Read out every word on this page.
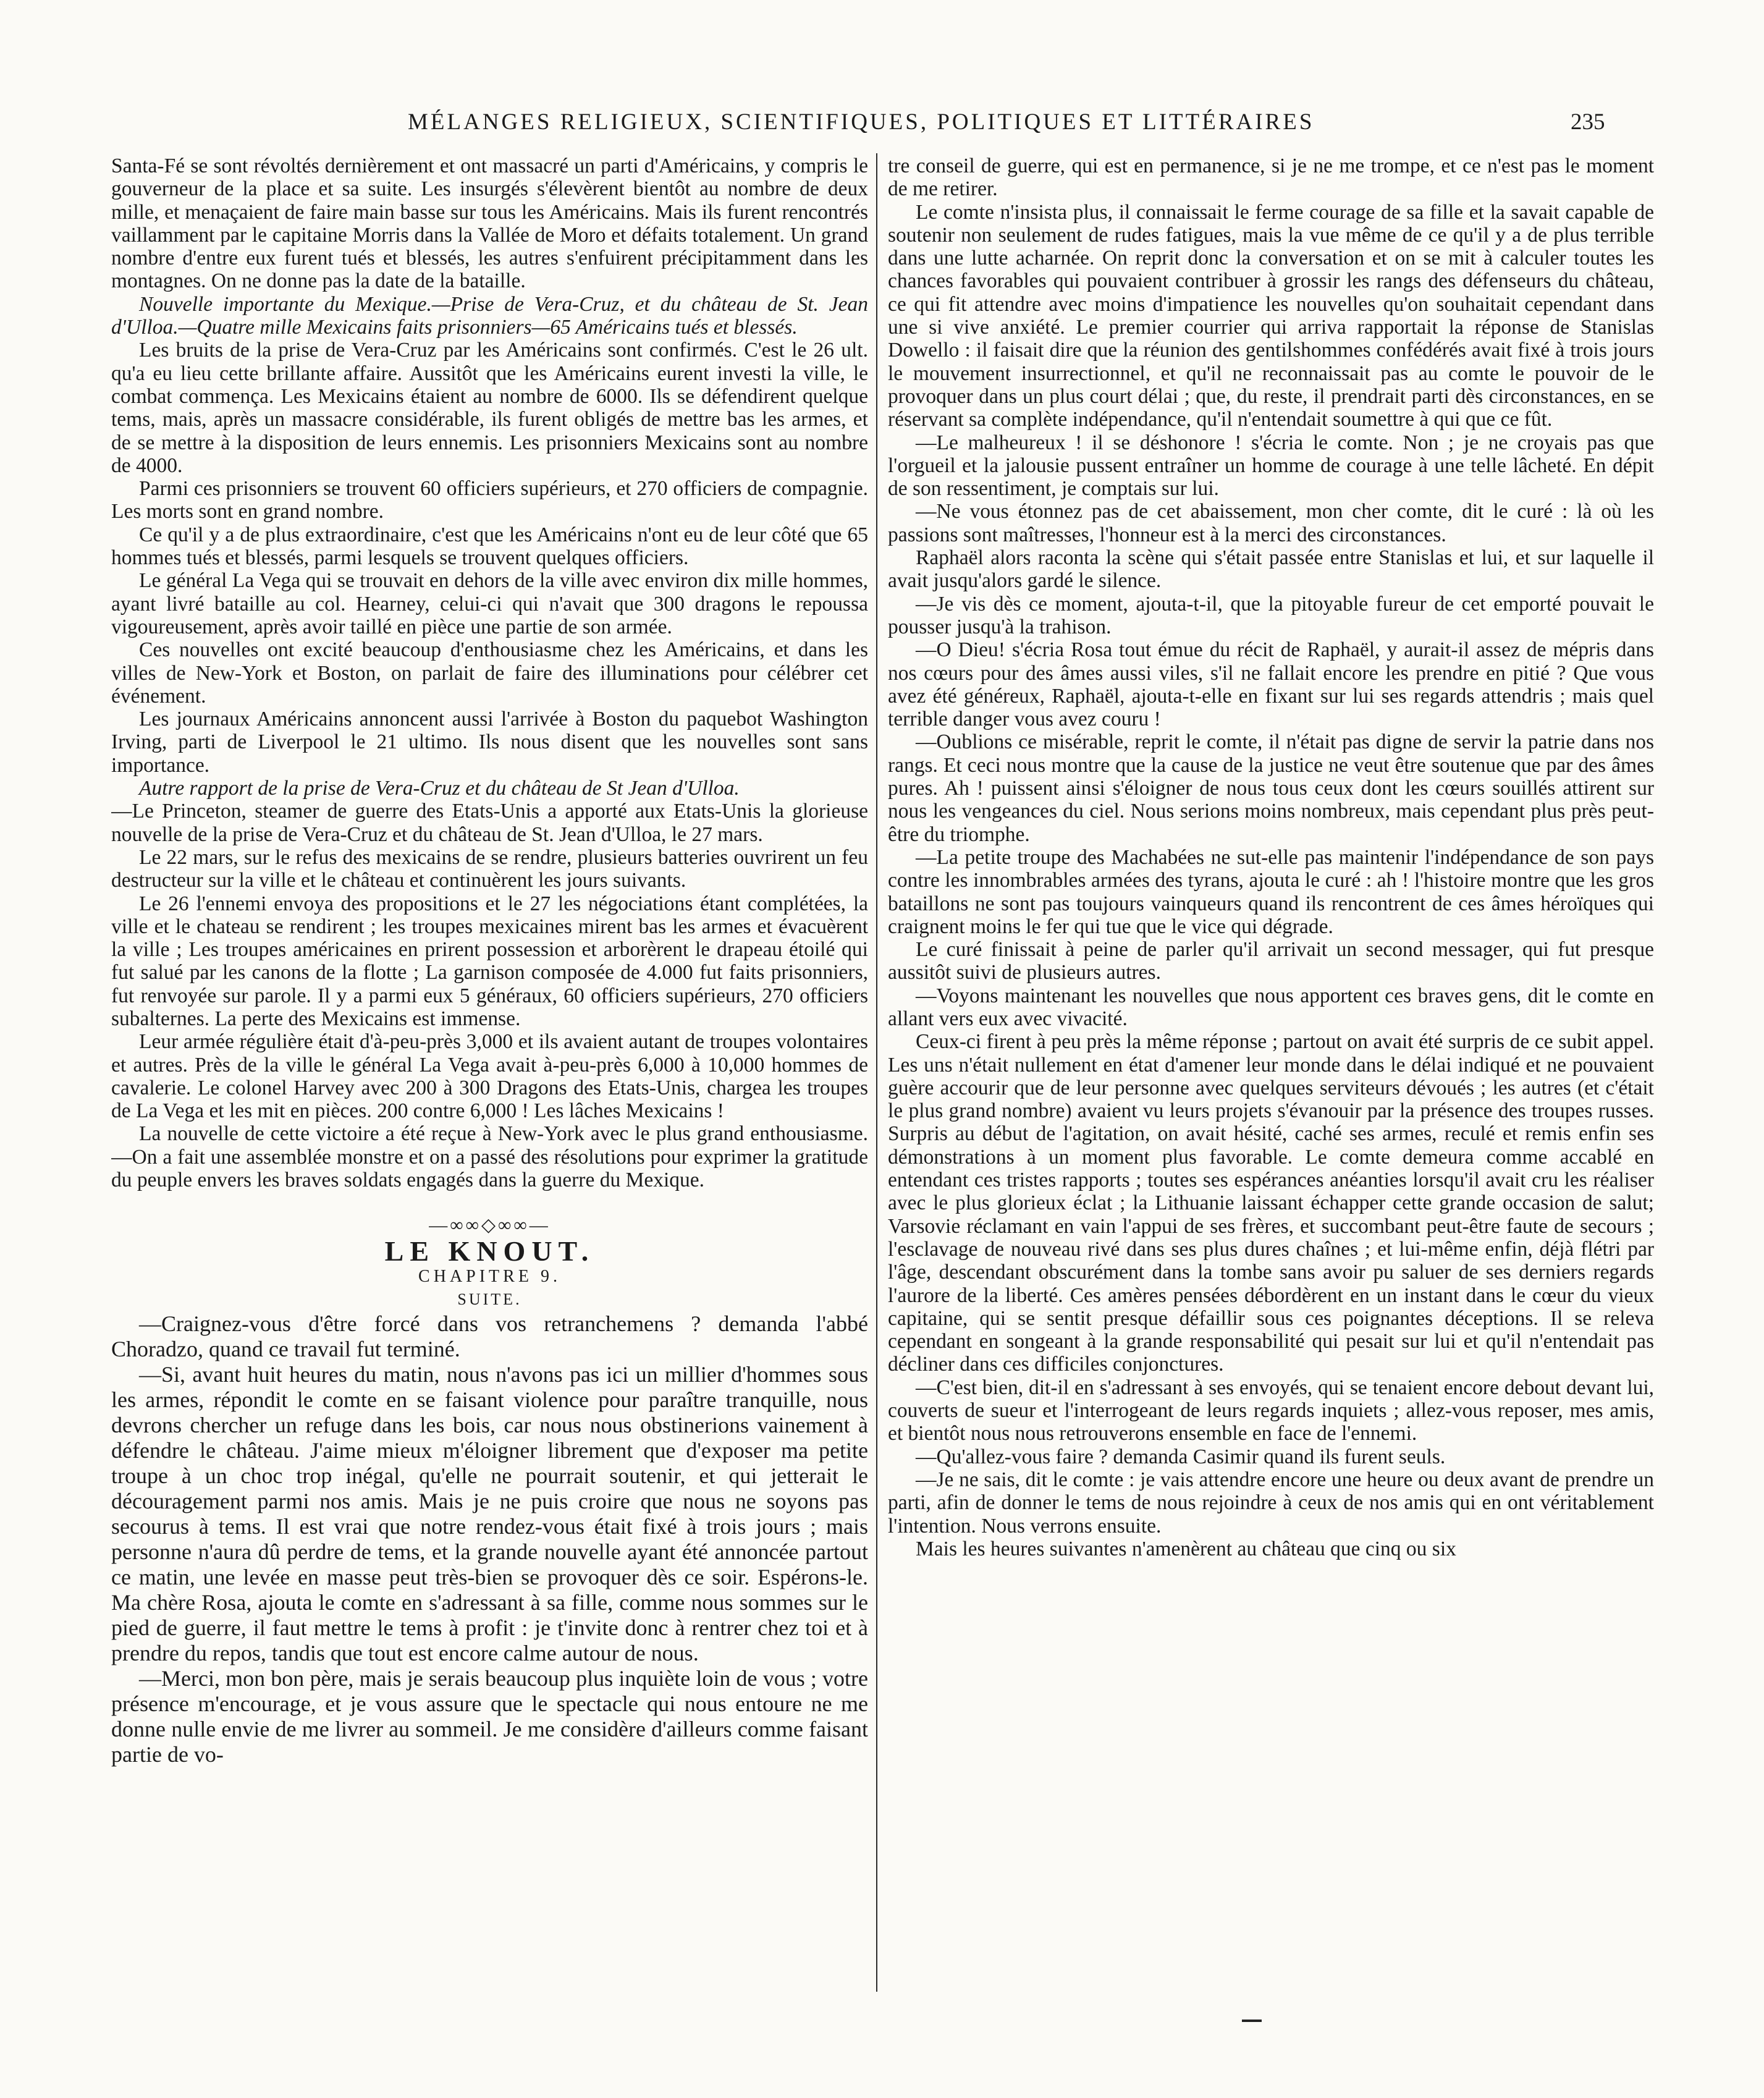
MÉLANGES RELIGIEUX, SCIENTIFIQUES, POLITIQUES ET LITTÉRAIRES	235

Santa-Fé se sont révoltés dernièrement et ont massacré un parti d'Américains, y compris le gouverneur de la place et sa suite. Les insurgés s'élevèrent bientôt au nombre de deux mille, et menaçaient de faire main basse sur tous les Américains. Mais ils furent rencontrés vaillamment par le capitaine Morris dans la Vallée de Moro et défaits totalement. Un grand nombre d'entre eux furent tués et blessés, les autres s'enfuirent précipitamment dans les montagnes. On ne donne pas la date de la bataille.

Nouvelle importante du Mexique.—Prise de Vera-Cruz, et du château de St. Jean d'Ulloa.—Quatre mille Mexicains faits prisonniers—65 Américains tués et blessés.

Les bruits de la prise de Vera-Cruz par les Américains sont confirmés. C'est le 26 ult. qu'a eu lieu cette brillante affaire. Aussitôt que les Américains eurent investi la ville, le combat commença. Les Mexicains étaient au nombre de 6000. Ils se défendirent quelque tems, mais, après un massacre considérable, ils furent obligés de mettre bas les armes, et de se mettre à la disposition de leurs ennemis. Les prisonniers Mexicains sont au nombre de 4000.

Parmi ces prisonniers se trouvent 60 officiers supérieurs, et 270 officiers de compagnie. Les morts sont en grand nombre.

Ce qu'il y a de plus extraordinaire, c'est que les Américains n'ont eu de leur côté que 65 hommes tués et blessés, parmi lesquels se trouvent quelques officiers.

Le général La Vega qui se trouvait en dehors de la ville avec environ dix mille hommes, ayant livré bataille au col. Hearney, celui-ci qui n'avait que 300 dragons le repoussa vigoureusement, après avoir taillé en pièce une partie de son armée.

Ces nouvelles ont excité beaucoup d'enthousiasme chez les Américains, et dans les villes de New-York et Boston, on parlait de faire des illuminations pour célébrer cet événement.

Les journaux Américains annoncent aussi l'arrivée à Boston du paquebot Washington Irving, parti de Liverpool le 21 ultimo. Ils nous disent que les nouvelles sont sans importance.

Autre rapport de la prise de Vera-Cruz et du château de St Jean d'Ulloa.

—Le Princeton, steamer de guerre des Etats-Unis a apporté aux Etats-Unis la glorieuse nouvelle de la prise de Vera-Cruz et du château de St. Jean d'Ulloa, le 27 mars.

Le 22 mars, sur le refus des mexicains de se rendre, plusieurs batteries ouvrirent un feu destructeur sur la ville et le château et continuèrent les jours suivants.

Le 26 l'ennemi envoya des propositions et le 27 les négociations étant complétées, la ville et le chateau se rendirent ; les troupes mexicaines mirent bas les armes et évacuèrent la ville ; Les troupes américaines en prirent possession et arborèrent le drapeau étoilé qui fut salué par les canons de la flotte ; La garnison composée de 4.000 fut faits prisonniers, fut renvoyée sur parole. Il y a parmi eux 5 généraux, 60 officiers supérieurs, 270 officiers subalternes. La perte des Mexicains est immense.

Leur armée régulière était d'à-peu-près 3,000 et ils avaient autant de troupes volontaires et autres. Près de la ville le général La Vega avait à-peu-près 6,000 à 10,000 hommes de cavalerie. Le colonel Harvey avec 200 à 300 Dragons des Etats-Unis, chargea les troupes de La Vega et les mit en pièces. 200 contre 6,000 ! Les lâches Mexicains !

La nouvelle de cette victoire a été reçue à New-York avec le plus grand enthousiasme.—On a fait une assemblée monstre et on a passé des résolutions pour exprimer la gratitude du peuple envers les braves soldats engagés dans la guerre du Mexique.

—∞∞◇∞∞—
LE KNOUT.
CHAPITRE 9.
SUITE.

—Craignez-vous d'être forcé dans vos retranchemens ? demanda l'abbé Choradzo, quand ce travail fut terminé.

—Si, avant huit heures du matin, nous n'avons pas ici un millier d'hommes sous les armes, répondit le comte en se faisant violence pour paraître tranquille, nous devrons chercher un refuge dans les bois, car nous nous obstinerions vainement à défendre le château. J'aime mieux m'éloigner librement que d'exposer ma petite troupe à un choc trop inégal, qu'elle ne pourrait soutenir, et qui jetterait le découragement parmi nos amis. Mais je ne puis croire que nous ne soyons pas secourus à tems. Il est vrai que notre rendez-vous était fixé à trois jours ; mais personne n'aura dû perdre de tems, et la grande nouvelle ayant été annoncée partout ce matin, une levée en masse peut très-bien se provoquer dès ce soir. Espérons-le. Ma chère Rosa, ajouta le comte en s'adressant à sa fille, comme nous sommes sur le pied de guerre, il faut mettre le tems à profit : je t'invite donc à rentrer chez toi et à prendre du repos, tandis que tout est encore calme autour de nous.

—Merci, mon bon père, mais je serais beaucoup plus inquiète loin de vous ; votre présence m'encourage, et je vous assure que le spectacle qui nous entoure ne me donne nulle envie de me livrer au sommeil. Je me considère d'ailleurs comme faisant partie de vo-

tre conseil de guerre, qui est en permanence, si je ne me trompe, et ce n'est pas le moment de me retirer.

Le comte n'insista plus, il connaissait le ferme courage de sa fille et la savait capable de soutenir non seulement de rudes fatigues, mais la vue même de ce qu'il y a de plus terrible dans une lutte acharnée. On reprit donc la conversation et on se mit à calculer toutes les chances favorables qui pouvaient contribuer à grossir les rangs des défenseurs du château, ce qui fit attendre avec moins d'impatience les nouvelles qu'on souhaitait cependant dans une si vive anxiété. Le premier courrier qui arriva rapportait la réponse de Stanislas Dowello : il faisait dire que la réunion des gentilshommes confédérés avait fixé à trois jours le mouvement insurrectionnel, et qu'il ne reconnaissait pas au comte le pouvoir de le provoquer dans un plus court délai ; que, du reste, il prendrait parti dès circonstances, en se réservant sa complète indépendance, qu'il n'entendait soumettre à qui que ce fût.

—Le malheureux ! il se déshonore ! s'écria le comte. Non ; je ne croyais pas que l'orgueil et la jalousie pussent entraîner un homme de courage à une telle lâcheté. En dépit de son ressentiment, je comptais sur lui.

—Ne vous étonnez pas de cet abaissement, mon cher comte, dit le curé : là où les passions sont maîtresses, l'honneur est à la merci des circonstances.

Raphaël alors raconta la scène qui s'était passée entre Stanislas et lui, et sur laquelle il avait jusqu'alors gardé le silence.

—Je vis dès ce moment, ajouta-t-il, que la pitoyable fureur de cet emporté pouvait le pousser jusqu'à la trahison.

—O Dieu! s'écria Rosa tout émue du récit de Raphaël, y aurait-il assez de mépris dans nos cœurs pour des âmes aussi viles, s'il ne fallait encore les prendre en pitié ? Que vous avez été généreux, Raphaël, ajouta-t-elle en fixant sur lui ses regards attendris ; mais quel terrible danger vous avez couru !

—Oublions ce misérable, reprit le comte, il n'était pas digne de servir la patrie dans nos rangs. Et ceci nous montre que la cause de la justice ne veut être soutenue que par des âmes pures. Ah ! puissent ainsi s'éloigner de nous tous ceux dont les cœurs souillés attirent sur nous les vengeances du ciel. Nous serions moins nombreux, mais cependant plus près peut-être du triomphe.

—La petite troupe des Machabées ne sut-elle pas maintenir l'indépendance de son pays contre les innombrables armées des tyrans, ajouta le curé : ah ! l'histoire montre que les gros bataillons ne sont pas toujours vainqueurs quand ils rencontrent de ces âmes héroïques qui craignent moins le fer qui tue que le vice qui dégrade.

Le curé finissait à peine de parler qu'il arrivait un second messager, qui fut presque aussitôt suivi de plusieurs autres.

—Voyons maintenant les nouvelles que nous apportent ces braves gens, dit le comte en allant vers eux avec vivacité.

Ceux-ci firent à peu près la même réponse ; partout on avait été surpris de ce subit appel. Les uns n'était nullement en état d'amener leur monde dans le délai indiqué et ne pouvaient guère accourir que de leur personne avec quelques serviteurs dévoués ; les autres (et c'était le plus grand nombre) avaient vu leurs projets s'évanouir par la présence des troupes russes. Surpris au début de l'agitation, on avait hésité, caché ses armes, reculé et remis enfin ses démonstrations à un moment plus favorable. Le comte demeura comme accablé en entendant ces tristes rapports ; toutes ses espérances anéanties lorsqu'il avait cru les réaliser avec le plus glorieux éclat ; la Lithuanie laissant échapper cette grande occasion de salut; Varsovie réclamant en vain l'appui de ses frères, et succombant peut-être faute de secours ; l'esclavage de nouveau rivé dans ses plus dures chaînes ; et lui-même enfin, déjà flétri par l'âge, descendant obscurément dans la tombe sans avoir pu saluer de ses derniers regards l'aurore de la liberté. Ces amères pensées débordèrent en un instant dans le cœur du vieux capitaine, qui se sentit presque défaillir sous ces poignantes déceptions. Il se releva cependant en songeant à la grande responsabilité qui pesait sur lui et qu'il n'entendait pas décliner dans ces difficiles conjonctures.

—C'est bien, dit-il en s'adressant à ses envoyés, qui se tenaient encore debout devant lui, couverts de sueur et l'interrogeant de leurs regards inquiets ; allez-vous reposer, mes amis, et bientôt nous nous retrouverons ensemble en face de l'ennemi.

—Qu'allez-vous faire ? demanda Casimir quand ils furent seuls.

—Je ne sais, dit le comte : je vais attendre encore une heure ou deux avant de prendre un parti, afin de donner le tems de nous rejoindre à ceux de nos amis qui en ont véritablement l'intention. Nous verrons ensuite.

Mais les heures suivantes n'amenèrent au château que cinq ou six
